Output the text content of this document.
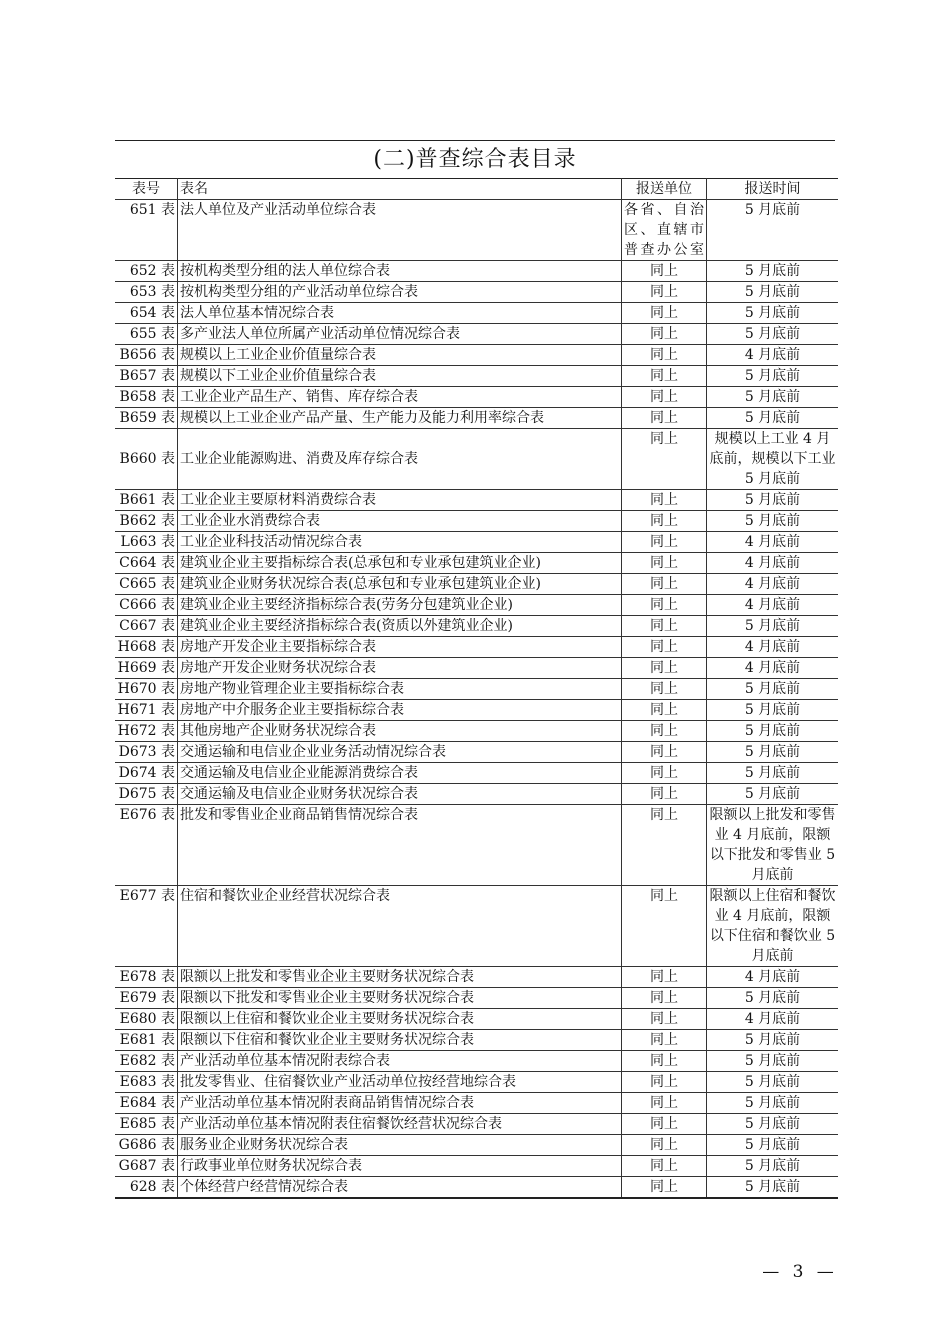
(二)普查综合表目录
表号	表名	报送单位	报送时间
651 表	法人单位及产业活动单位综合表	各省、自治区、直辖市普查办公室	5 月底前
652 表	按机构类型分组的法人单位综合表	同上	5 月底前
653 表	按机构类型分组的产业活动单位综合表	同上	5 月底前
654 表	法人单位基本情况综合表	同上	5 月底前
655 表	多产业法人单位所属产业活动单位情况综合表	同上	5 月底前
B656 表	规模以上工业企业价值量综合表	同上	4 月底前
B657 表	规模以下工业企业价值量综合表	同上	5 月底前
B658 表	工业企业产品生产、销售、库存综合表	同上	5 月底前
B659 表	规模以上工业企业产品产量、生产能力及能力利用率综合表	同上	5 月底前
B660 表	工业企业能源购进、消费及库存综合表	同上	规模以上工业 4 月底前，规模以下工业 5 月底前
B661 表	工业企业主要原材料消费综合表	同上	5 月底前
B662 表	工业企业水消费综合表	同上	5 月底前
L663 表	工业企业科技活动情况综合表	同上	4 月底前
C664 表	建筑业企业主要指标综合表(总承包和专业承包建筑业企业)	同上	4 月底前
C665 表	建筑业企业财务状况综合表(总承包和专业承包建筑业企业)	同上	4 月底前
C666 表	建筑业企业主要经济指标综合表(劳务分包建筑业企业)	同上	4 月底前
C667 表	建筑业企业主要经济指标综合表(资质以外建筑业企业)	同上	5 月底前
H668 表	房地产开发企业主要指标综合表	同上	4 月底前
H669 表	房地产开发企业财务状况综合表	同上	4 月底前
H670 表	房地产物业管理企业主要指标综合表	同上	5 月底前
H671 表	房地产中介服务企业主要指标综合表	同上	5 月底前
H672 表	其他房地产企业财务状况综合表	同上	5 月底前
D673 表	交通运输和电信业企业业务活动情况综合表	同上	5 月底前
D674 表	交通运输及电信业企业能源消费综合表	同上	5 月底前
D675 表	交通运输及电信业企业财务状况综合表	同上	5 月底前
E676 表	批发和零售业企业商品销售情况综合表	同上	限额以上批发和零售业 4 月底前，限额以下批发和零售业 5 月底前
E677 表	住宿和餐饮业企业经营状况综合表	同上	限额以上住宿和餐饮业 4 月底前，限额以下住宿和餐饮业 5 月底前
E678 表	限额以上批发和零售业企业主要财务状况综合表	同上	4 月底前
E679 表	限额以下批发和零售业企业主要财务状况综合表	同上	5 月底前
E680 表	限额以上住宿和餐饮业企业主要财务状况综合表	同上	4 月底前
E681 表	限额以下住宿和餐饮业企业主要财务状况综合表	同上	5 月底前
E682 表	产业活动单位基本情况附表综合表	同上	5 月底前
E683 表	批发零售业、住宿餐饮业产业活动单位按经营地综合表	同上	5 月底前
E684 表	产业活动单位基本情况附表商品销售情况综合表	同上	5 月底前
E685 表	产业活动单位基本情况附表住宿餐饮经营状况综合表	同上	5 月底前
G686 表	服务业企业财务状况综合表	同上	5 月底前
G687 表	行政事业单位财务状况综合表	同上	5 月底前
628 表	个体经营户经营情况综合表	同上	5 月底前
— 3 —
